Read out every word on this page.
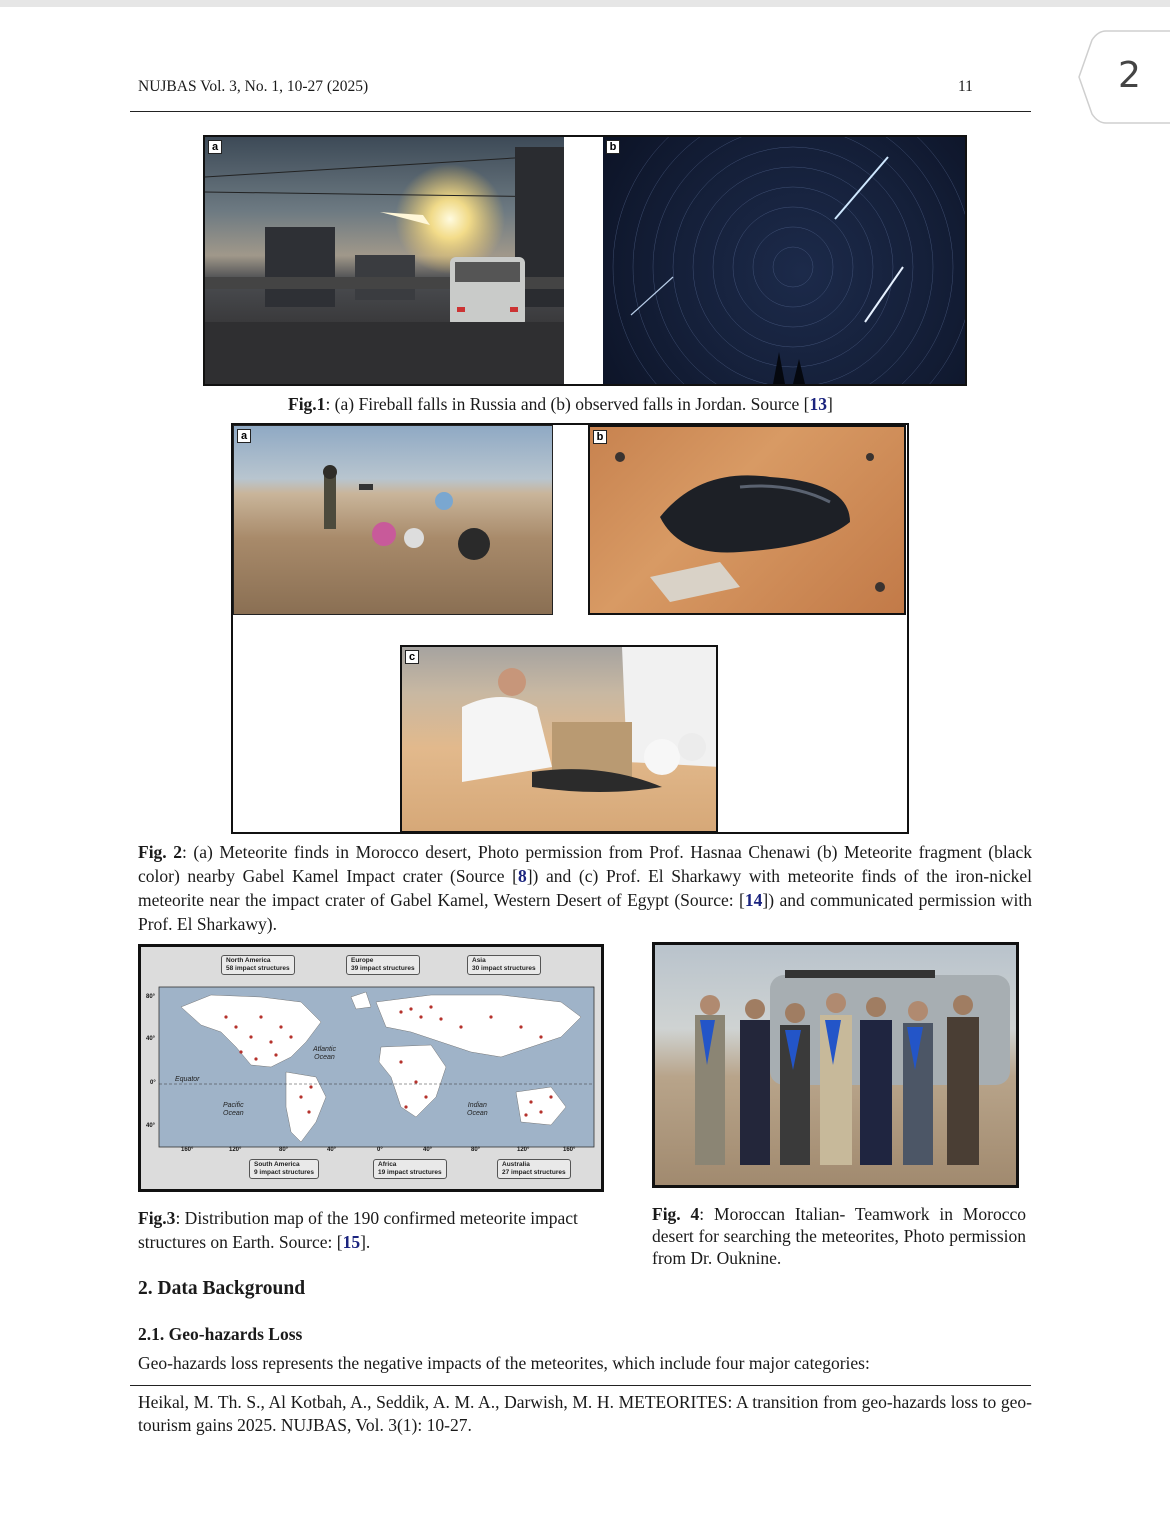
2
NUJBAS Vol. 3, No. 1, 10-27 (2025)	11
a	b
Fig.1: (a) Fireball falls in Russia and (b) observed falls in Jordan. Source [13]
a	b
c
Fig. 2: (a) Meteorite finds in Morocco desert, Photo permission from Prof. Hasnaa Chenawi (b) Meteorite fragment (black color) nearby Gabel Kamel Impact crater (Source [8]) and (c) Prof. El Sharkawy with meteorite finds of the iron-nickel meteorite near the impact crater of Gabel Kamel, Western Desert of Egypt (Source: [14]) and communicated permission with Prof. El Sharkawy).
North America
58 impact structures
Europe
39 impact structures
Asia
30 impact structures
South America
9 impact structures
Africa
19 impact structures
Australia
27 impact structures
Atlantic
Ocean
Pacific
Ocean
Indian
Ocean
Equator
80°
40°
0°
40°
160°	120°	80°	40°	0°	40°	80°	120°	160°
Fig.3: Distribution map of the 190 confirmed meteorite impact structures on Earth. Source: [15].
Fig. 4: Moroccan Italian- Teamwork in Morocco desert for searching the meteorites, Photo permission from Dr. Ouknine.
2. Data Background
2.1. Geo-hazards Loss
Geo-hazards loss represents the negative impacts of the meteorites, which include four major categories:
Heikal, M. Th. S., Al Kotbah, A., Seddik, A. M. A., Darwish, M. H. METEORITES: A transition from geo-hazards loss to geo-tourism gains 2025. NUJBAS, Vol. 3(1): 10-27.
